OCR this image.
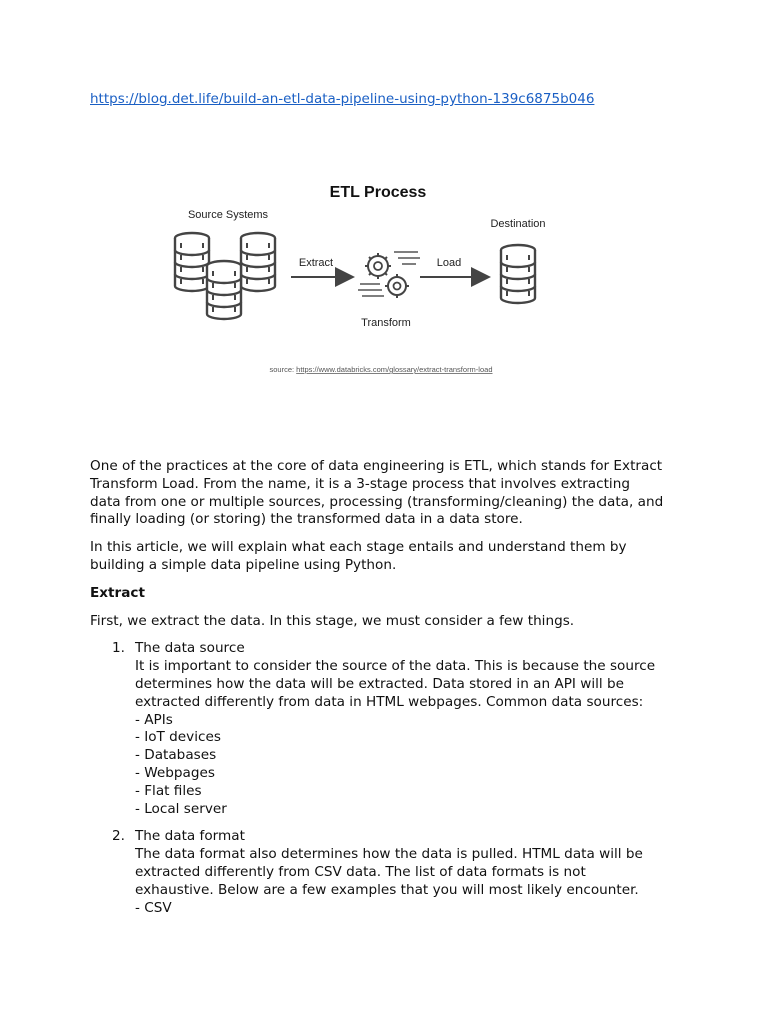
https://blog.det.life/build-an-etl-data-pipeline-using-python-139c6875b046
ETL Process
Source Systems
Extract
Transform
Load
Destination
source: https://www.databricks.com/glossary/extract-transform-load

One of the practices at the core of data engineering is ETL, which stands for Extract
Transform Load. From the name, it is a 3-stage process that involves extracting
data from one or multiple sources, processing (transforming/cleaning) the data, and
finally loading (or storing) the transformed data in a data store.

In this article, we will explain what each stage entails and understand them by
building a simple data pipeline using Python.

Extract

First, we extract the data. In this stage, we must consider a few things.

1. The data source
It is important to consider the source of the data. This is because the source
determines how the data will be extracted. Data stored in an API will be
extracted differently from data in HTML webpages. Common data sources:
- APIs
- IoT devices
- Databases
- Webpages
- Flat files
- Local server
2. The data format
The data format also determines how the data is pulled. HTML data will be
extracted differently from CSV data. The list of data formats is not
exhaustive. Below are a few examples that you will most likely encounter.
- CSV
